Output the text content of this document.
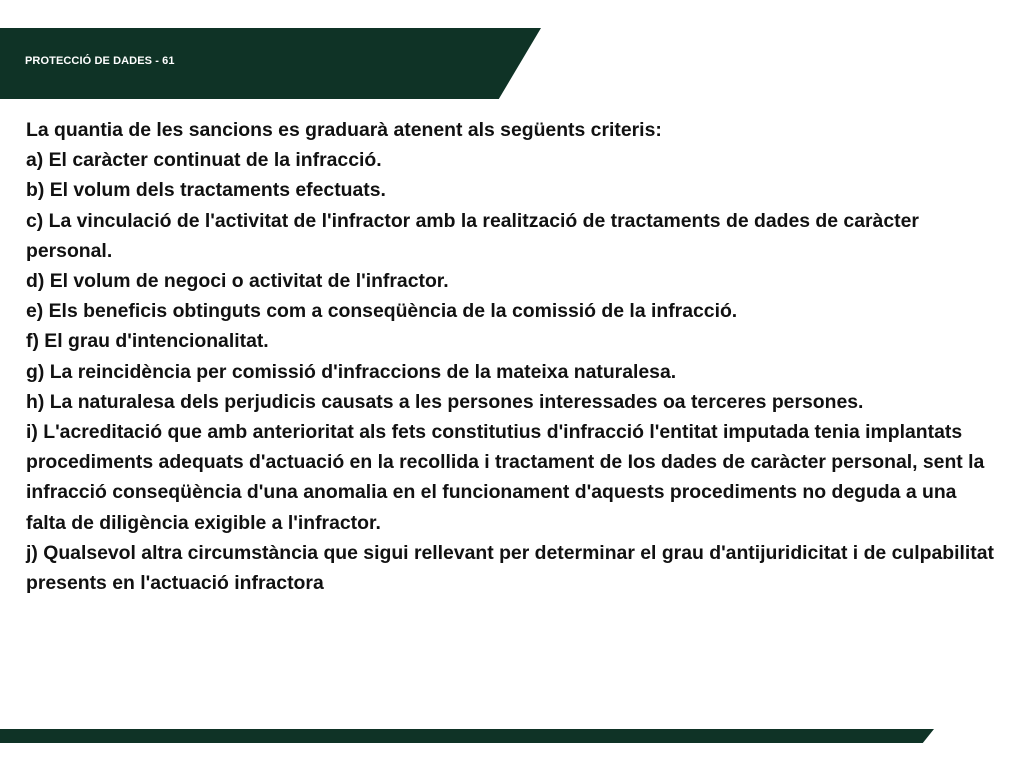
PROTECCIÓ DE DADES - 61

La quantia de les sancions es graduarà atenent als següents criteris:

a) El caràcter continuat de la infracció.

b) El volum dels tractaments efectuats.

c) La vinculació de l'activitat de l'infractor amb la realització de tractaments de dades de caràcter personal.

d) El volum de negoci o activitat de l'infractor.

e) Els beneficis obtinguts com a conseqüència de la comissió de la infracció.

f) El grau d'intencionalitat.

g) La reincidència per comissió d'infraccions de la mateixa naturalesa.

h) La naturalesa dels perjudicis causats a les persones interessades oa terceres persones.

i) L'acreditació que amb anterioritat als fets constitutius d'infracció l'entitat imputada tenia implantats procediments adequats d'actuació en la recollida i tractament de Ios dades de caràcter personal, sent la infracció conseqüència d'una anomalia en el funcionament d'aquests procediments no deguda a una falta de diligència exigible a l'infractor.

j) Qualsevol altra circumstància que sigui rellevant per determinar el grau d'antijuridicitat i de culpabilitat presents en l'actuació infractora
